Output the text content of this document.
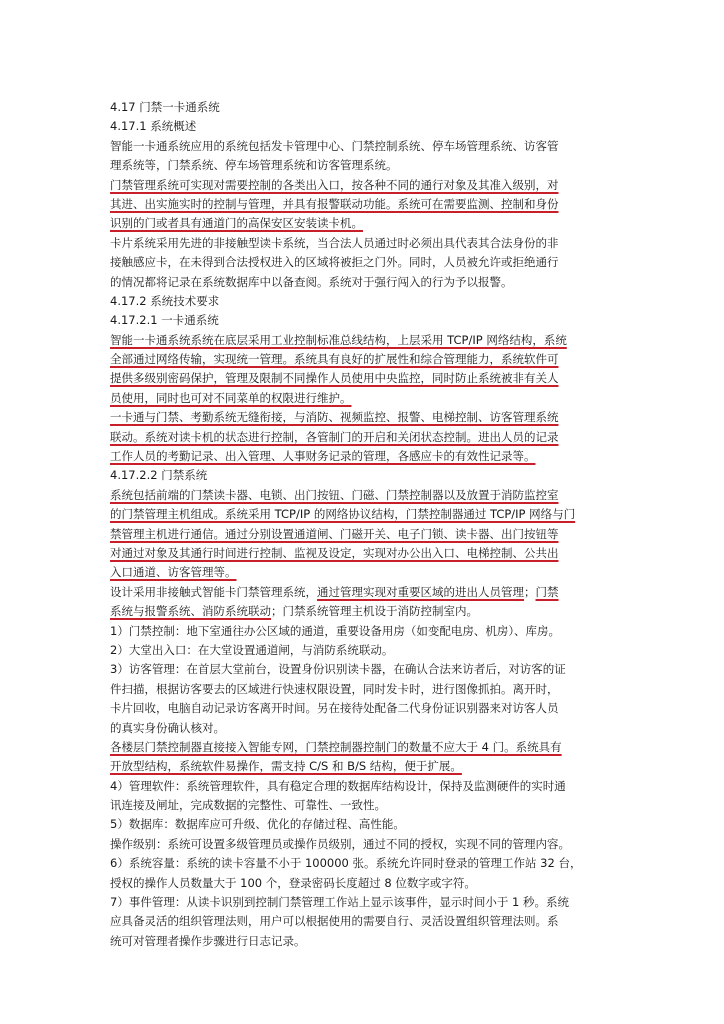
4.17 门禁一卡通系统
4.17.1 系统概述
智能一卡通系统应用的系统包括发卡管理中心、门禁控制系统、停车场管理系统、访客管
理系统等，门禁系统、停车场管理系统和访客管理系统。
门禁管理系统可实现对需要控制的各类出入口，按各种不同的通行对象及其准入级别，对
其进、出实施实时的控制与管理，并具有报警联动功能。系统可在需要监测、控制和身份
识别的门或者具有通道门的高保安区安装读卡机。
卡片系统采用先进的非接触型读卡系统，当合法人员通过时必须出具代表其合法身份的非
接触感应卡，在未得到合法授权进入的区域将被拒之门外。同时，人员被允许或拒绝通行
的情况都将记录在系统数据库中以备查阅。系统对于强行闯入的行为予以报警。
4.17.2 系统技术要求
4.17.2.1 一卡通系统
智能一卡通系统系统在底层采用工业控制标准总线结构，上层采用 TCP/IP 网络结构，系统
全部通过网络传输，实现统一管理。系统具有良好的扩展性和综合管理能力，系统软件可
提供多级别密码保护，管理及限制不同操作人员使用中央监控，同时防止系统被非有关人
员使用，同时也可对不同菜单的权限进行维护。
一卡通与门禁、考勤系统无缝衔接，与消防、视频监控、报警、电梯控制、访客管理系统
联动。系统对读卡机的状态进行控制，各管制门的开启和关闭状态控制。进出人员的记录
工作人员的考勤记录、出入管理、人事财务记录的管理，各感应卡的有效性记录等。
4.17.2.2 门禁系统
系统包括前端的门禁读卡器、电锁、出门按钮、门磁、门禁控制器以及放置于消防监控室
的门禁管理主机组成。系统采用 TCP/IP 的网络协议结构，门禁控制器通过 TCP/IP 网络与门
禁管理主机进行通信。通过分别设置通道闸、门磁开关、电子门锁、读卡器、出门按钮等
对通过对象及其通行时间进行控制、监视及设定，实现对办公出入口、电梯控制、公共出
入口通道、访客管理等。
设计采用非接触式智能卡门禁管理系统，通过管理实现对重要区域的进出人员管理；门禁
系统与报警系统、消防系统联动；门禁系统管理主机设于消防控制室内。
1）门禁控制：地下室通往办公区域的通道，重要设备用房（如变配电房、机房）、库房。
2）大堂出入口：在大堂设置通道闸，与消防系统联动。
3）访客管理：在首层大堂前台，设置身份识别读卡器，在确认合法来访者后，对访客的证
件扫描，根据访客要去的区域进行快速权限设置，同时发卡时，进行图像抓拍。离开时，
卡片回收，电脑自动记录访客离开时间。另在接待处配备二代身份证识别器来对访客人员
的真实身份确认核对。
各楼层门禁控制器直接接入智能专网，门禁控制器控制门的数量不应大于 4 门。系统具有
开放型结构，系统软件易操作，需支持 C/S 和 B/S 结构，便于扩展。
4）管理软件：系统管理软件，具有稳定合理的数据库结构设计，保持及监测硬件的实时通
讯连接及闸址，完成数据的完整性、可靠性、一致性。
5）数据库：数据库应可升级、优化的存储过程、高性能。
操作级别：系统可设置多级管理员或操作员级别，通过不同的授权，实现不同的管理内容。
6）系统容量：系统的读卡容量不小于 100000 张。系统允许同时登录的管理工作站 32 台，
授权的操作人员数量大于 100 个，登录密码长度超过 8 位数字或字符。
7）事件管理：从读卡识别到控制门禁管理工作站上显示该事件，显示时间小于 1 秒。系统
应具备灵活的组织管理法则，用户可以根据使用的需要自行、灵活设置组织管理法则。系
统可对管理者操作步骤进行日志记录。
